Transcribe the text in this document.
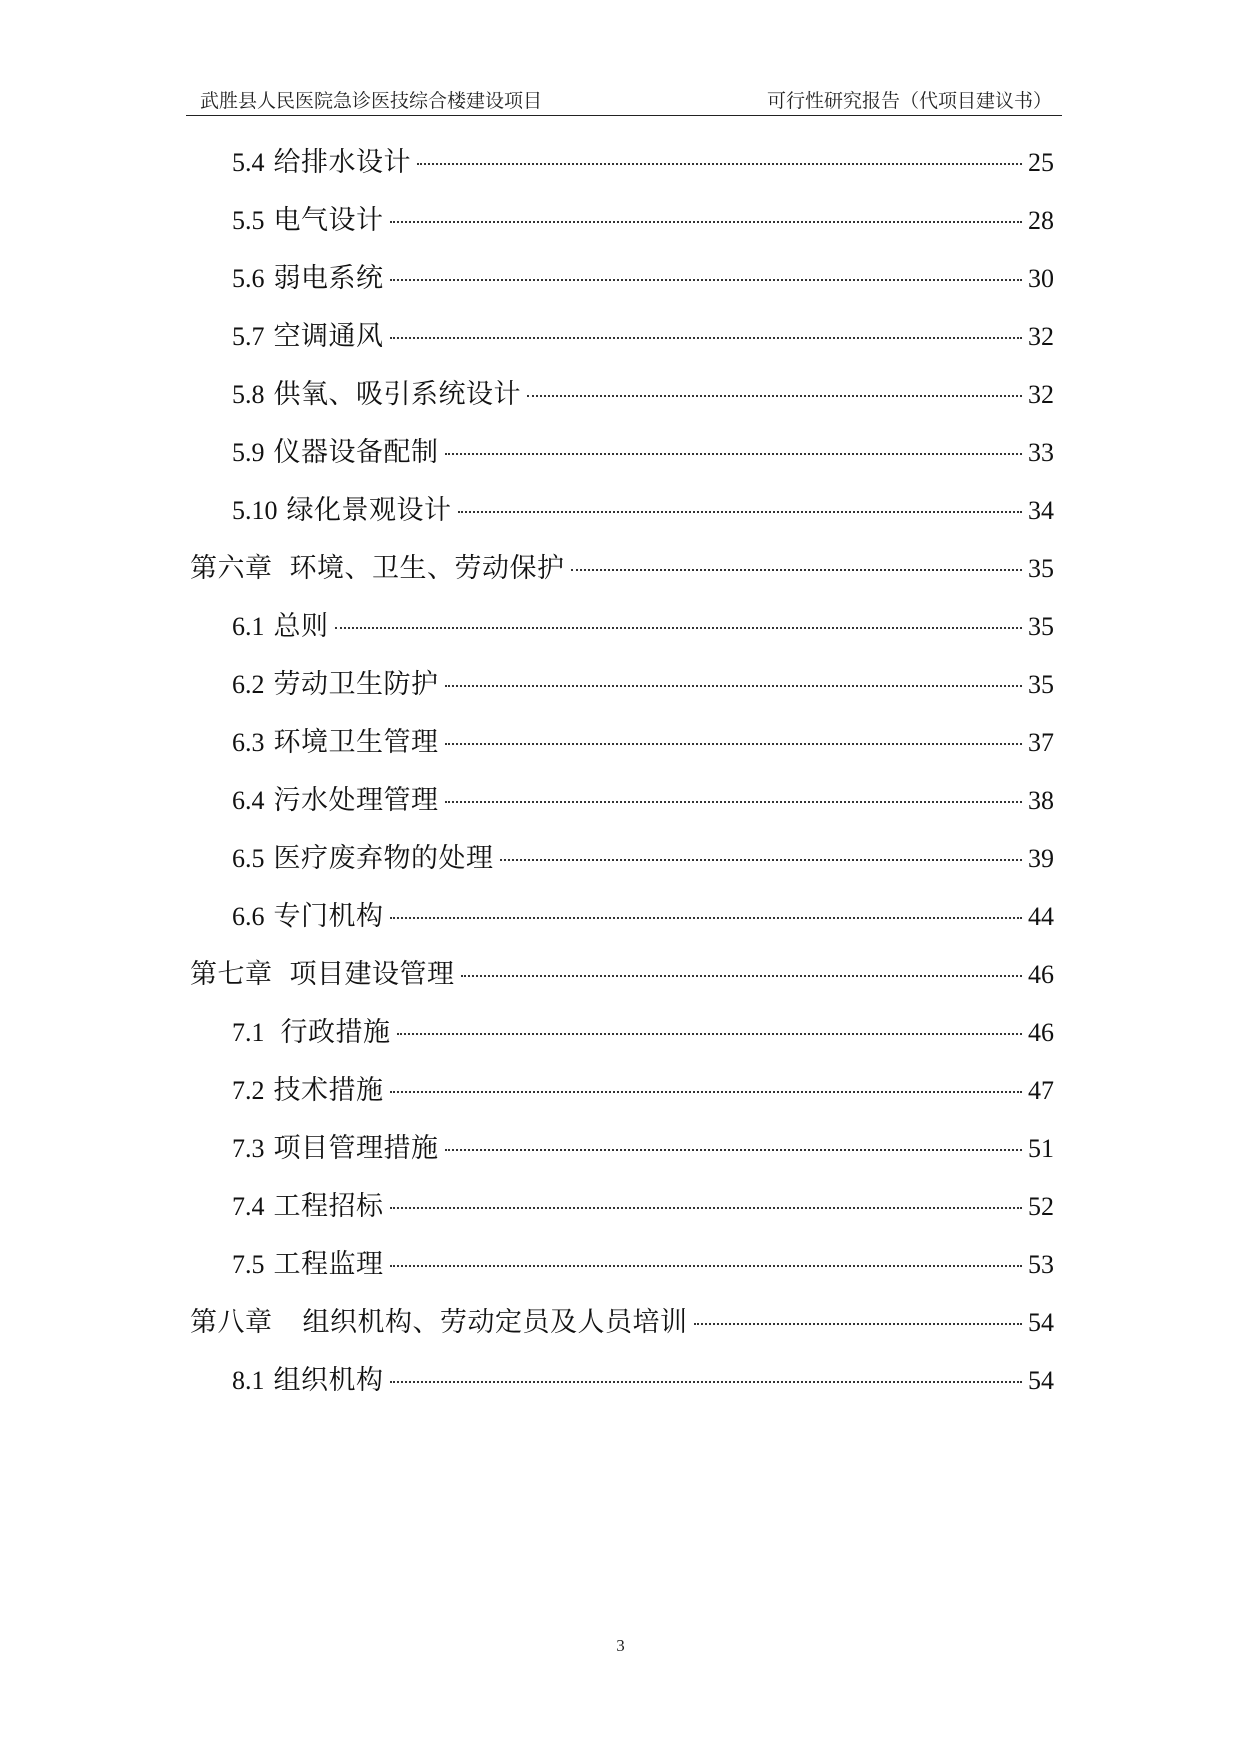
武胜县人民医院急诊医技综合楼建设项目	可行性研究报告（代项目建议书）
5.4 给排水设计	25
5.5 电气设计	28
5.6 弱电系统	30
5.7 空调通风	32
5.8 供氧、吸引系统设计	32
5.9 仪器设备配制	33
5.10 绿化景观设计	34
第六章 环境、卫生、劳动保护	35
6.1 总则	35
6.2 劳动卫生防护	35
6.3 环境卫生管理	37
6.4 污水处理管理	38
6.5 医疗废弃物的处理	39
6.6 专门机构	44
第七章 项目建设管理	46
7.1 行政措施	46
7.2 技术措施	47
7.3 项目管理措施	51
7.4 工程招标	52
7.5 工程监理	53
第八章 组织机构、劳动定员及人员培训	54
8.1 组织机构	54
3
